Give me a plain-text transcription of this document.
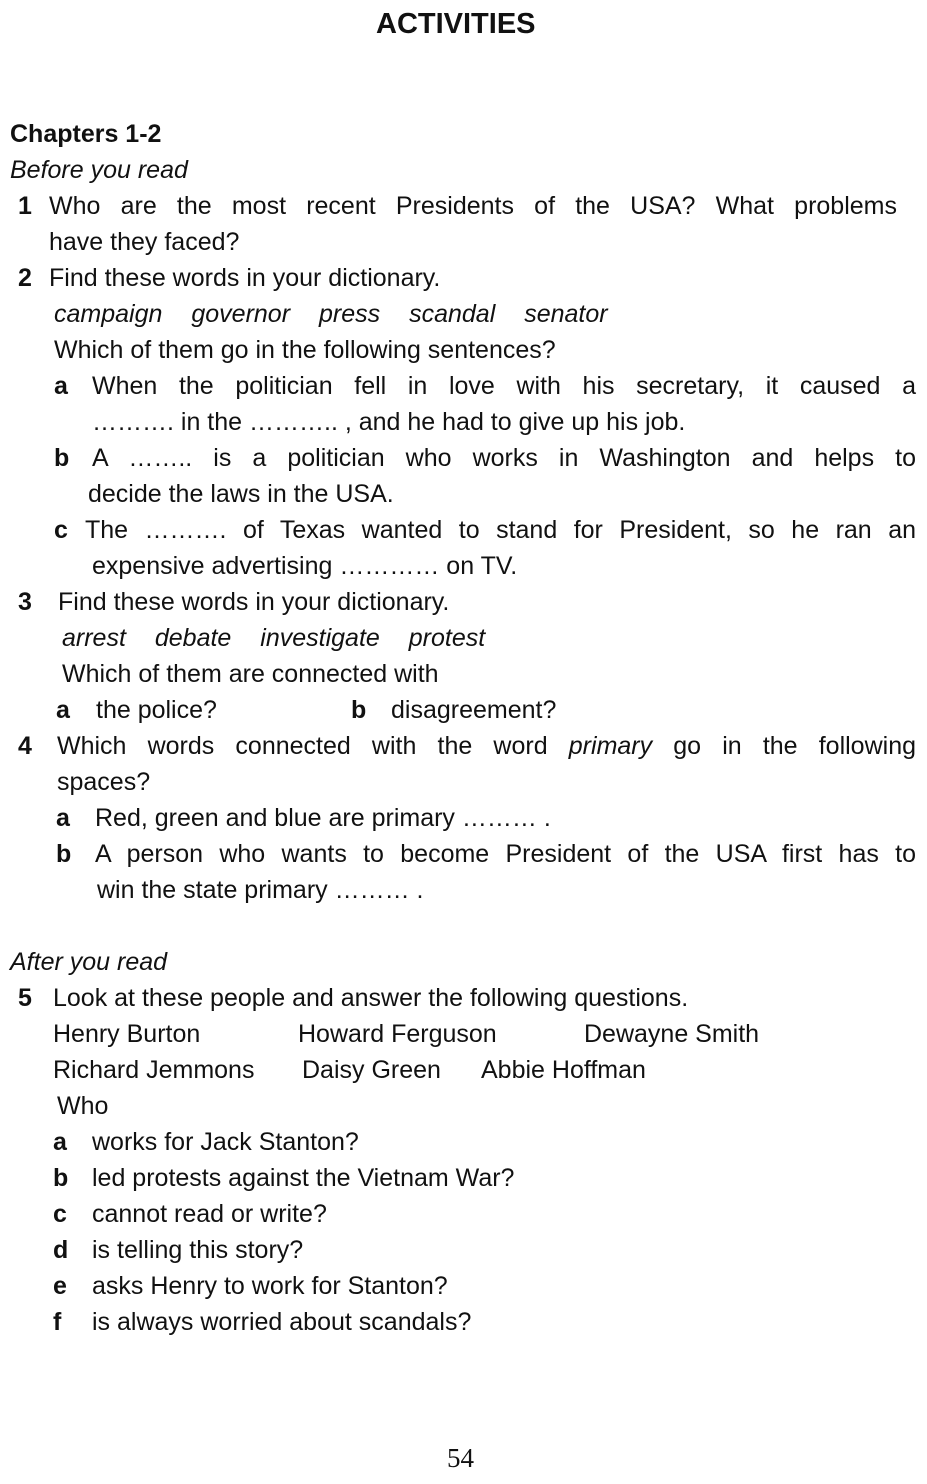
ACTIVITIES
Chapters 1-2
Before you read
1 Who are the most recent Presidents of the USA? What problems
have they faced?
2 Find these words in your dictionary.
campaign governor press scandal senator
Which of them go in the following sentences?
a When the politician fell in love with his secretary, it caused a
………. in the ……….. , and he had to give up his job.
b A …….. is a politician who works in Washington and helps to
decide the laws in the USA.
c The ………. of Texas wanted to stand for President, so he ran an
expensive advertising ………… on TV.
3 Find these words in your dictionary.
arrest debate investigate protest
Which of them are connected with
a the police?	b disagreement?
4 Which words connected with the word primary go in the following
spaces?
a Red, green and blue are primary ……… .
b A person who wants to become President of the USA first has to
win the state primary ……… .
After you read
5 Look at these people and answer the following questions.
Henry Burton	Howard Ferguson	Dewayne Smith
Richard Jemmons Daisy Green Abbie Hoffman
Who
a works for Jack Stanton?
b led protests against the Vietnam War?
c cannot read or write?
d is telling this story?
e asks Henry to work for Stanton?
f is always worried about scandals?
54
